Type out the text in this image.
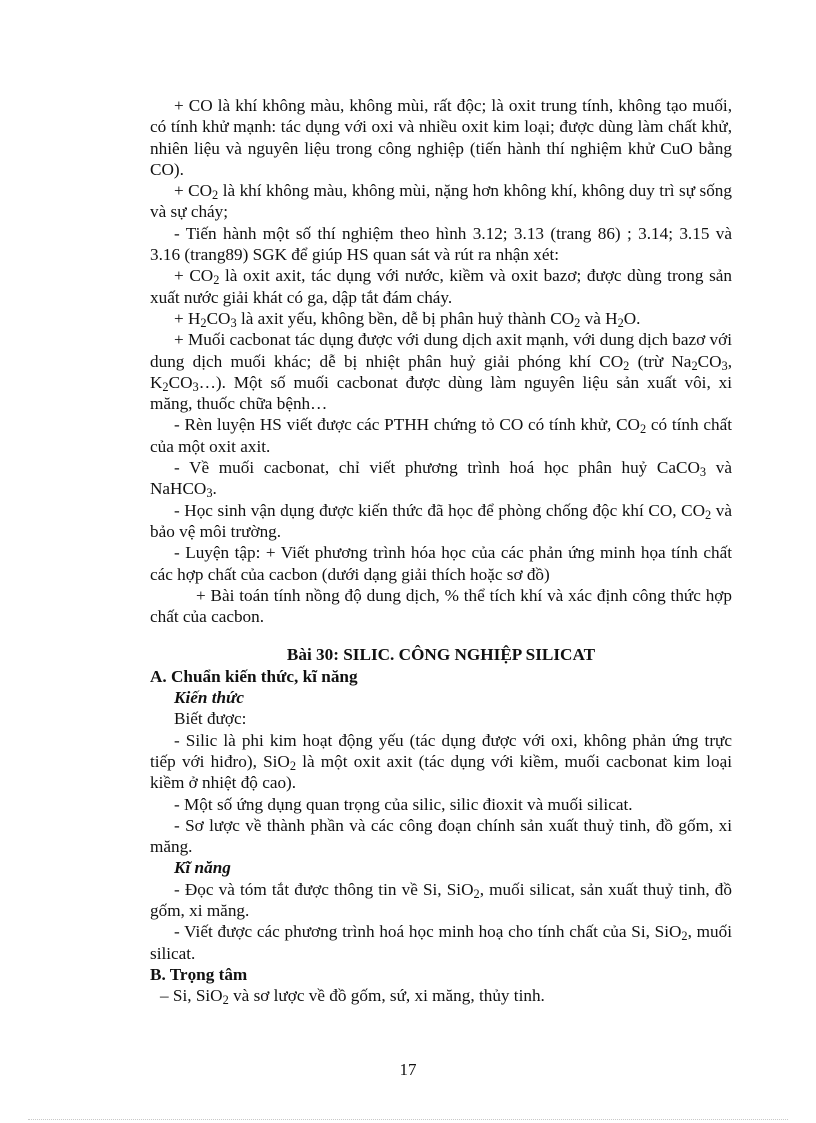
+ CO là khí không màu, không mùi, rất độc; là oxit trung tính, không tạo muối, có tính khử mạnh: tác dụng với oxi và nhiều oxit kim loại; được dùng làm chất khử, nhiên liệu và nguyên liệu trong công nghiệp (tiến hành thí nghiệm khử CuO bằng CO).

+ $CO_2$ là khí không màu, không mùi, nặng hơn không khí, không duy trì sự sống và sự cháy;

- Tiến hành một số thí nghiệm theo hình 3.12; 3.13 (trang 86) ; 3.14; 3.15 và 3.16 (trang89) SGK để giúp HS quan sát và rút ra nhận xét:

+ $CO_2$ là oxit axit, tác dụng với nước, kiềm và oxit bazơ; được dùng trong sản xuất nước giải khát có ga, dập tắt đám cháy.

+ $H_2CO_3$ là axit yếu, không bền, dễ bị phân huỷ thành $CO_2$ và $H_2O$.

+ Muối cacbonat tác dụng được với dung dịch axit mạnh, với dung dịch bazơ với dung dịch muối khác; dễ bị nhiệt phân huỷ giải phóng khí $CO_2$ (trừ $Na_2CO_3$, $K_2CO_3\dots$). Một số muối cacbonat được dùng làm nguyên liệu sản xuất vôi, xi măng, thuốc chữa bệnh…

- Rèn luyện HS viết được các PTHH chứng tỏ CO có tính khử, $CO_2$ có tính chất của một oxit axit.

- Về muối cacbonat, chỉ viết phương trình hoá học phân huỷ CaCO$_3$ và NaHCO$_3$.

- Học sinh vận dụng được kiến thức đã học để phòng chống độc khí CO, $CO_2$ và bảo vệ môi trường.

- Luyện tập: + Viết phương trình hóa học của các phản ứng minh họa tính chất các hợp chất của cacbon (dưới dạng giải thích hoặc sơ đồ)

+ Bài toán tính nồng độ dung dịch, % thể tích khí và xác định công thức hợp chất của cacbon.

Bài 30: SILIC. CÔNG NGHIỆP SILICAT

A. Chuẩn kiến thức, kĩ năng

Kiến thức

Biết được:

- Silic là phi kim hoạt động yếu (tác dụng được với oxi, không phản ứng trực tiếp với hiđro), SiO$_2$ là một oxit axit (tác dụng với kiềm, muối cacbonat kim loại kiềm ở nhiệt độ cao).

- Một số ứng dụng quan trọng của silic, silic đioxit và muối silicat.

- Sơ lược về thành phần và các công đoạn chính sản xuất thuỷ tinh, đồ gốm, xi măng.

Kĩ năng

- Đọc và tóm tắt được thông tin về Si, SiO$_2$, muối silicat, sản xuất thuỷ tinh, đồ gốm, xi măng.

- Viết được các phương trình hoá học minh hoạ cho tính chất của Si, SiO$_2$, muối silicat.

B. Trọng tâm

– Si, SiO$_2$ và sơ lược về đồ gốm, sứ, xi măng, thủy tinh.

17
